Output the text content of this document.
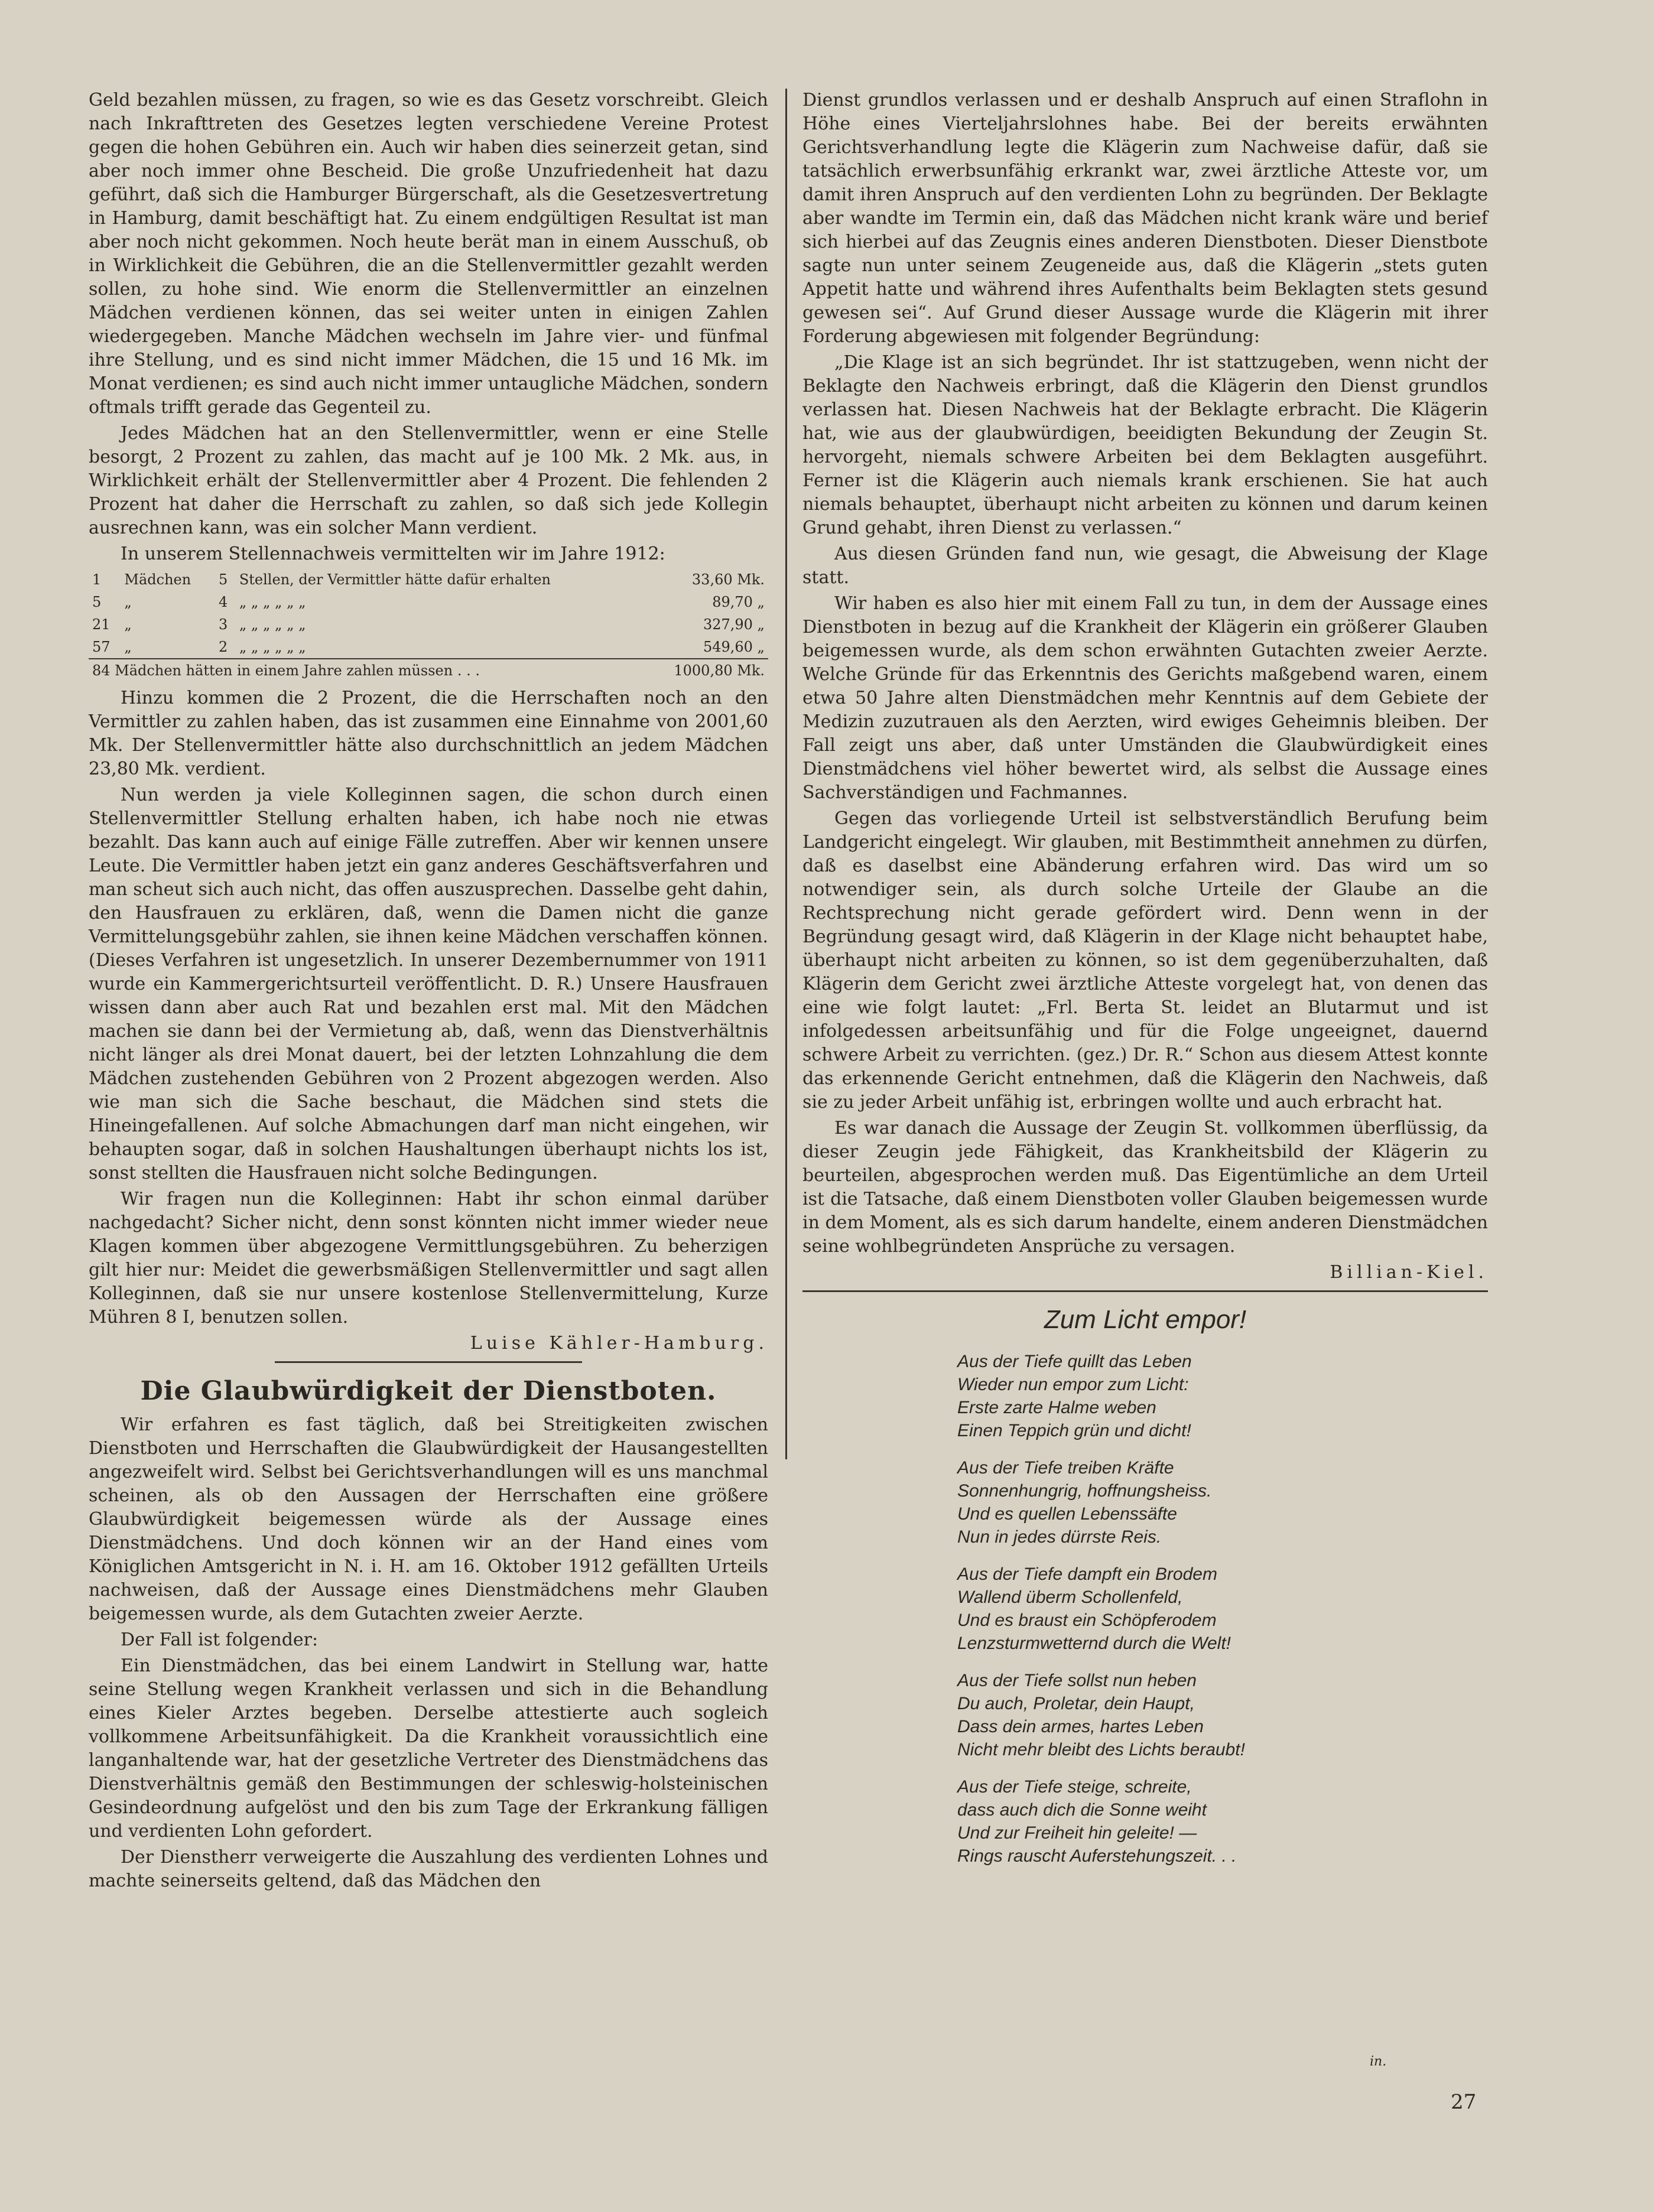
Geld bezahlen müssen, zu fragen, so wie es das Gesetz vorschreibt. Gleich nach Inkrafttreten des Gesetzes legten verschiedene Vereine Protest gegen die hohen Gebühren ein. Auch wir haben dies seinerzeit getan, sind aber noch immer ohne Bescheid. Die große Unzufriedenheit hat dazu geführt, daß sich die Hamburger Bürgerschaft, als die Gesetzesvertretung in Hamburg, damit beschäftigt hat. Zu einem endgültigen Resultat ist man aber noch nicht gekommen. Noch heute berät man in einem Ausschuß, ob in Wirklichkeit die Gebühren, die an die Stellenvermittler gezahlt werden sollen, zu hohe sind. Wie enorm die Stellenvermittler an einzelnen Mädchen verdienen können, das sei weiter unten in einigen Zahlen wiedergegeben. Manche Mädchen wechseln im Jahre vier- und fünfmal ihre Stellung, und es sind nicht immer Mädchen, die 15 und 16 Mk. im Monat verdienen; es sind auch nicht immer untaugliche Mädchen, sondern oftmals trifft gerade das Gegenteil zu.

Jedes Mädchen hat an den Stellenvermittler, wenn er eine Stelle besorgt, 2 Prozent zu zahlen, das macht auf je 100 Mk. 2 Mk. aus, in Wirklichkeit erhält der Stellenvermittler aber 4 Prozent. Die fehlenden 2 Prozent hat daher die Herrschaft zu zahlen, so daß sich jede Kollegin ausrechnen kann, was ein solcher Mann verdient.

In unserem Stellennachweis vermittelten wir im Jahre 1912:

1	Mädchen	5	Stellen, der Vermittler hätte dafür erhalten	33,60 Mk.
5	„	4	„ „ „ „ „ „	89,70 „
21	„	3	„ „ „ „ „ „	327,90 „
57	„	2	„ „ „ „ „ „	549,60 „
84 Mädchen hätten in einem Jahre zahlen müssen . . .				1000,80 Mk.

Hinzu kommen die 2 Prozent, die die Herrschaften noch an den Vermittler zu zahlen haben, das ist zusammen eine Einnahme von 2001,60 Mk. Der Stellenvermittler hätte also durchschnittlich an jedem Mädchen 23,80 Mk. verdient.

Nun werden ja viele Kolleginnen sagen, die schon durch einen Stellenvermittler Stellung erhalten haben, ich habe noch nie etwas bezahlt. Das kann auch auf einige Fälle zutreffen. Aber wir kennen unsere Leute. Die Vermittler haben jetzt ein ganz anderes Geschäftsverfahren und man scheut sich auch nicht, das offen auszusprechen. Dasselbe geht dahin, den Hausfrauen zu erklären, daß, wenn die Damen nicht die ganze Vermittelungsgebühr zahlen, sie ihnen keine Mädchen verschaffen können. (Dieses Verfahren ist ungesetzlich. In unserer Dezembernummer von 1911 wurde ein Kammergerichtsurteil veröffentlicht. D. R.) Unsere Hausfrauen wissen dann aber auch Rat und bezahlen erst mal. Mit den Mädchen machen sie dann bei der Vermietung ab, daß, wenn das Dienstverhältnis nicht länger als drei Monat dauert, bei der letzten Lohnzahlung die dem Mädchen zustehenden Gebühren von 2 Prozent abgezogen werden. Also wie man sich die Sache beschaut, die Mädchen sind stets die Hineingefallenen. Auf solche Abmachungen darf man nicht eingehen, wir behaupten sogar, daß in solchen Haushaltungen überhaupt nichts los ist, sonst stellten die Hausfrauen nicht solche Bedingungen.

Wir fragen nun die Kolleginnen: Habt ihr schon einmal darüber nachgedacht? Sicher nicht, denn sonst könnten nicht immer wieder neue Klagen kommen über abgezogene Vermittlungsgebühren. Zu beherzigen gilt hier nur: Meidet die gewerbsmäßigen Stellenvermittler und sagt allen Kolleginnen, daß sie nur unsere kostenlose Stellenvermittelung, Kurze Mühren 8 I, benutzen sollen.

Luise Kähler-Hamburg.
Die Glaubwürdigkeit der Dienstboten.

Wir erfahren es fast täglich, daß bei Streitigkeiten zwischen Dienstboten und Herrschaften die Glaubwürdigkeit der Hausangestellten angezweifelt wird. Selbst bei Gerichtsverhandlungen will es uns manchmal scheinen, als ob den Aussagen der Herrschaften eine größere Glaubwürdigkeit beigemessen würde als der Aussage eines Dienstmädchens. Und doch können wir an der Hand eines vom Königlichen Amtsgericht in N. i. H. am 16. Oktober 1912 gefällten Urteils nachweisen, daß der Aussage eines Dienstmädchens mehr Glauben beigemessen wurde, als dem Gutachten zweier Aerzte.

Der Fall ist folgender:

Ein Dienstmädchen, das bei einem Landwirt in Stellung war, hatte seine Stellung wegen Krankheit verlassen und sich in die Behandlung eines Kieler Arztes begeben. Derselbe attestierte auch sogleich vollkommene Arbeitsunfähigkeit. Da die Krankheit voraussichtlich eine langanhaltende war, hat der gesetzliche Vertreter des Dienstmädchens das Dienstverhältnis gemäß den Bestimmungen der schleswig-holsteinischen Gesindeordnung aufgelöst und den bis zum Tage der Erkrankung fälligen und verdienten Lohn gefordert.

Der Dienstherr verweigerte die Auszahlung des verdienten Lohnes und machte seinerseits geltend, daß das Mädchen den

Dienst grundlos verlassen und er deshalb Anspruch auf einen Straflohn in Höhe eines Vierteljahrslohnes habe. Bei der bereits erwähnten Gerichtsverhandlung legte die Klägerin zum Nachweise dafür, daß sie tatsächlich erwerbsunfähig erkrankt war, zwei ärztliche Atteste vor, um damit ihren Anspruch auf den verdienten Lohn zu begründen. Der Beklagte aber wandte im Termin ein, daß das Mädchen nicht krank wäre und berief sich hierbei auf das Zeugnis eines anderen Dienstboten. Dieser Dienstbote sagte nun unter seinem Zeugeneide aus, daß die Klägerin „stets guten Appetit hatte und während ihres Aufenthalts beim Beklagten stets gesund gewesen sei“. Auf Grund dieser Aussage wurde die Klägerin mit ihrer Forderung abgewiesen mit folgender Begründung:

„Die Klage ist an sich begründet. Ihr ist stattzugeben, wenn nicht der Beklagte den Nachweis erbringt, daß die Klägerin den Dienst grundlos verlassen hat. Diesen Nachweis hat der Beklagte erbracht. Die Klägerin hat, wie aus der glaubwürdigen, beeidigten Bekundung der Zeugin St. hervorgeht, niemals schwere Arbeiten bei dem Beklagten ausgeführt. Ferner ist die Klägerin auch niemals krank erschienen. Sie hat auch niemals behauptet, überhaupt nicht arbeiten zu können und darum keinen Grund gehabt, ihren Dienst zu verlassen.“

Aus diesen Gründen fand nun, wie gesagt, die Abweisung der Klage statt.

Wir haben es also hier mit einem Fall zu tun, in dem der Aussage eines Dienstboten in bezug auf die Krankheit der Klägerin ein größerer Glauben beigemessen wurde, als dem schon erwähnten Gutachten zweier Aerzte. Welche Gründe für das Erkenntnis des Gerichts maßgebend waren, einem etwa 50 Jahre alten Dienstmädchen mehr Kenntnis auf dem Gebiete der Medizin zuzutrauen als den Aerzten, wird ewiges Geheimnis bleiben. Der Fall zeigt uns aber, daß unter Umständen die Glaubwürdigkeit eines Dienstmädchens viel höher bewertet wird, als selbst die Aussage eines Sachverständigen und Fachmannes.

Gegen das vorliegende Urteil ist selbstverständlich Berufung beim Landgericht eingelegt. Wir glauben, mit Bestimmtheit annehmen zu dürfen, daß es daselbst eine Abänderung erfahren wird. Das wird um so notwendiger sein, als durch solche Urteile der Glaube an die Rechtsprechung nicht gerade gefördert wird. Denn wenn in der Begründung gesagt wird, daß Klägerin in der Klage nicht behauptet habe, überhaupt nicht arbeiten zu können, so ist dem gegenüberzuhalten, daß Klägerin dem Gericht zwei ärztliche Atteste vorgelegt hat, von denen das eine wie folgt lautet: „Frl. Berta St. leidet an Blutarmut und ist infolgedessen arbeitsunfähig und für die Folge ungeeignet, dauernd schwere Arbeit zu verrichten. (gez.) Dr. R.“ Schon aus diesem Attest konnte das erkennende Gericht entnehmen, daß die Klägerin den Nachweis, daß sie zu jeder Arbeit unfähig ist, erbringen wollte und auch erbracht hat.

Es war danach die Aussage der Zeugin St. vollkommen überflüssig, da dieser Zeugin jede Fähigkeit, das Krankheitsbild der Klägerin zu beurteilen, abgesprochen werden muß. Das Eigentümliche an dem Urteil ist die Tatsache, daß einem Dienstboten voller Glauben beigemessen wurde in dem Moment, als es sich darum handelte, einem anderen Dienstmädchen seine wohlbegründeten Ansprüche zu versagen.

Billian-Kiel.
Zum Licht empor!
Aus der Tiefe quillt das Leben
Wieder nun empor zum Licht:
Erste zarte Halme weben
Einen Teppich grün und dicht!
Aus der Tiefe treiben Kräfte
Sonnenhungrig, hoffnungsheiss.
Und es quellen Lebenssäfte
Nun in jedes dürrste Reis.
Aus der Tiefe dampft ein Brodem
Wallend überm Schollenfeld,
Und es braust ein Schöpferodem
Lenzsturmwetternd durch die Welt!
Aus der Tiefe sollst nun heben
Du auch, Proletar, dein Haupt,
Dass dein armes, hartes Leben
Nicht mehr bleibt des Lichts beraubt!
Aus der Tiefe steige, schreite,
dass auch dich die Sonne weiht
Und zur Freiheit hin geleite! —
Rings rauscht Auferstehungszeit. . .
in.
27
